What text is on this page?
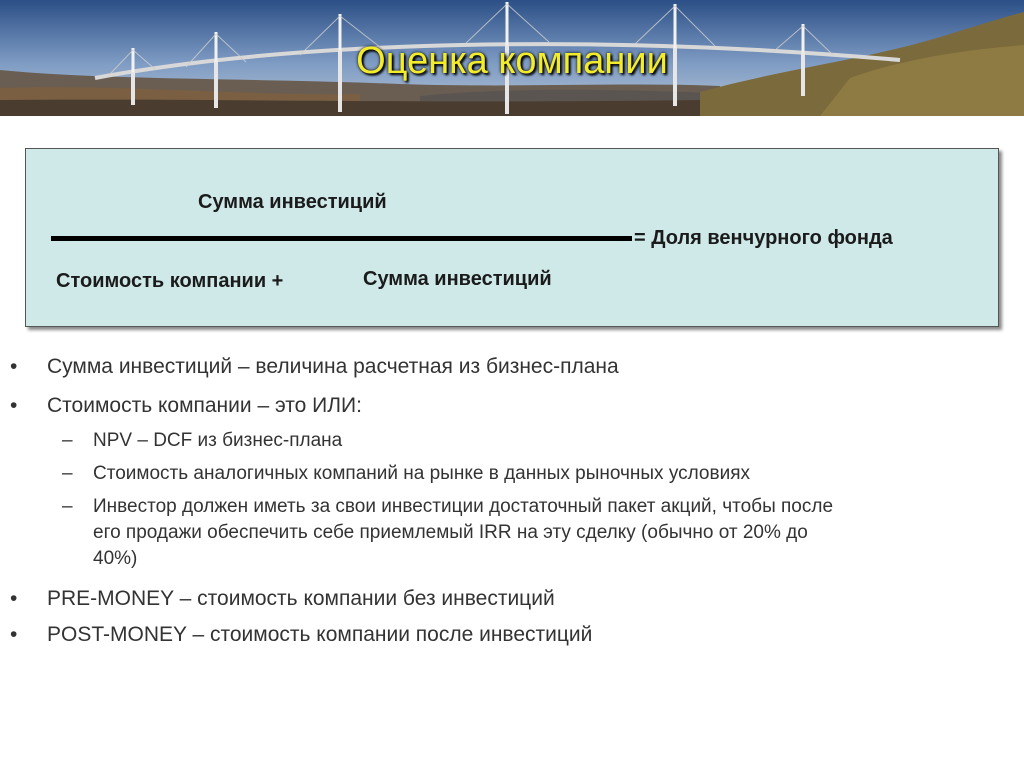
Оценка компании
Сумма инвестиций
Стоимость компании +	Сумма инвестиций
= Доля венчурного фонда
• Сумма инвестиций – величина расчетная из бизнес-плана
• Стоимость компании – это ИЛИ:
– NPV – DCF из бизнес-плана
– Стоимость аналогичных компаний на рынке в данных рыночных условиях
– Инвестор должен иметь за свои инвестиции достаточный пакет акций, чтобы после
его продажи обеспечить себе приемлемый IRR на эту сделку (обычно от 20% до
40%)
• PRE-MONEY – стоимость компании без инвестиций
• POST-MONEY – стоимость компании после инвестиций
